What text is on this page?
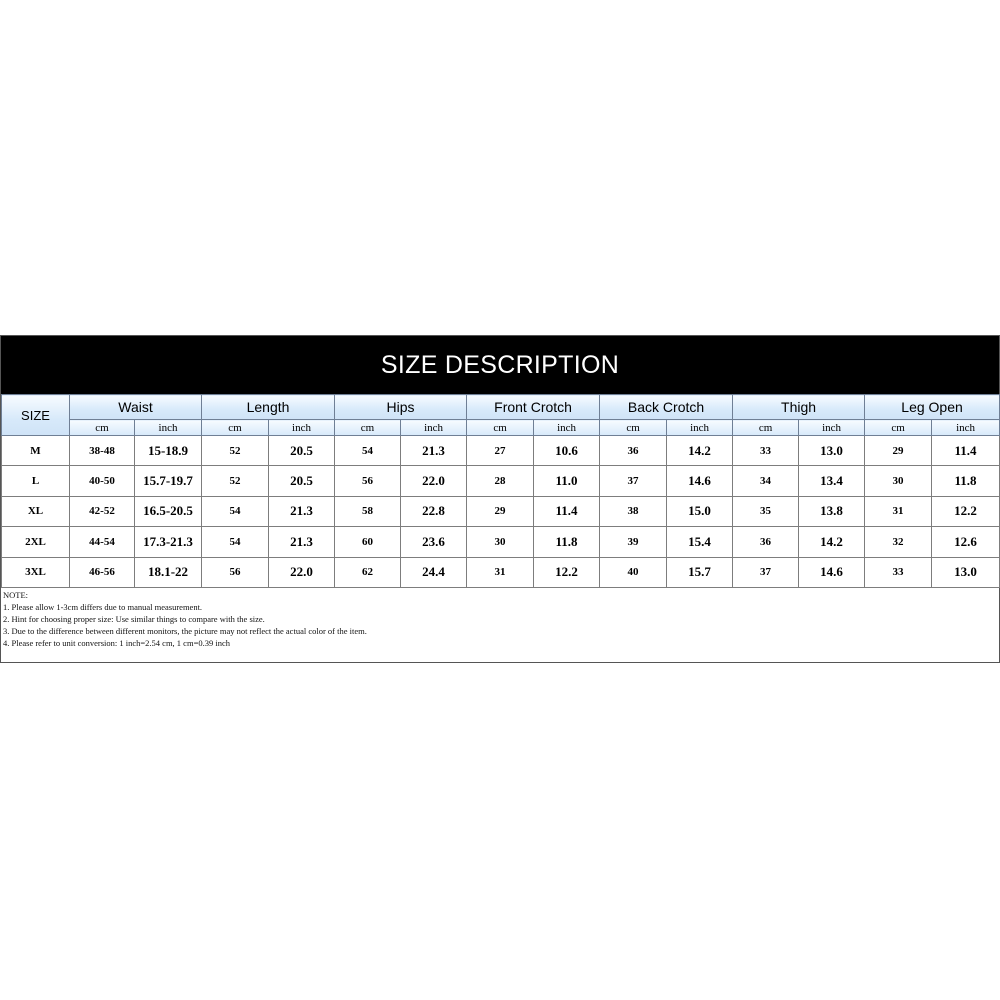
SIZE DESCRIPTION
SIZE	Waist		Length		Hips		Front Crotch		Back Crotch		Thigh		Leg Open	
	cm	inch	cm	inch	cm	inch	cm	inch	cm	inch	cm	inch	cm	inch
M	38-48	15-18.9	52	20.5	54	21.3	27	10.6	36	14.2	33	13.0	29	11.4
L	40-50	15.7-19.7	52	20.5	56	22.0	28	11.0	37	14.6	34	13.4	30	11.8
XL	42-52	16.5-20.5	54	21.3	58	22.8	29	11.4	38	15.0	35	13.8	31	12.2
2XL	44-54	17.3-21.3	54	21.3	60	23.6	30	11.8	39	15.4	36	14.2	32	12.6
3XL	46-56	18.1-22	56	22.0	62	24.4	31	12.2	40	15.7	37	14.6	33	13.0
NOTE:
1. Please allow 1-3cm differs due to manual measurement.
2. Hint for choosing proper size: Use similar things to compare with the size.
3. Due to the difference between different monitors, the picture may not reflect the actual color of the item.
4. Please refer to unit conversion: 1 inch=2.54 cm, 1 cm=0.39 inch
